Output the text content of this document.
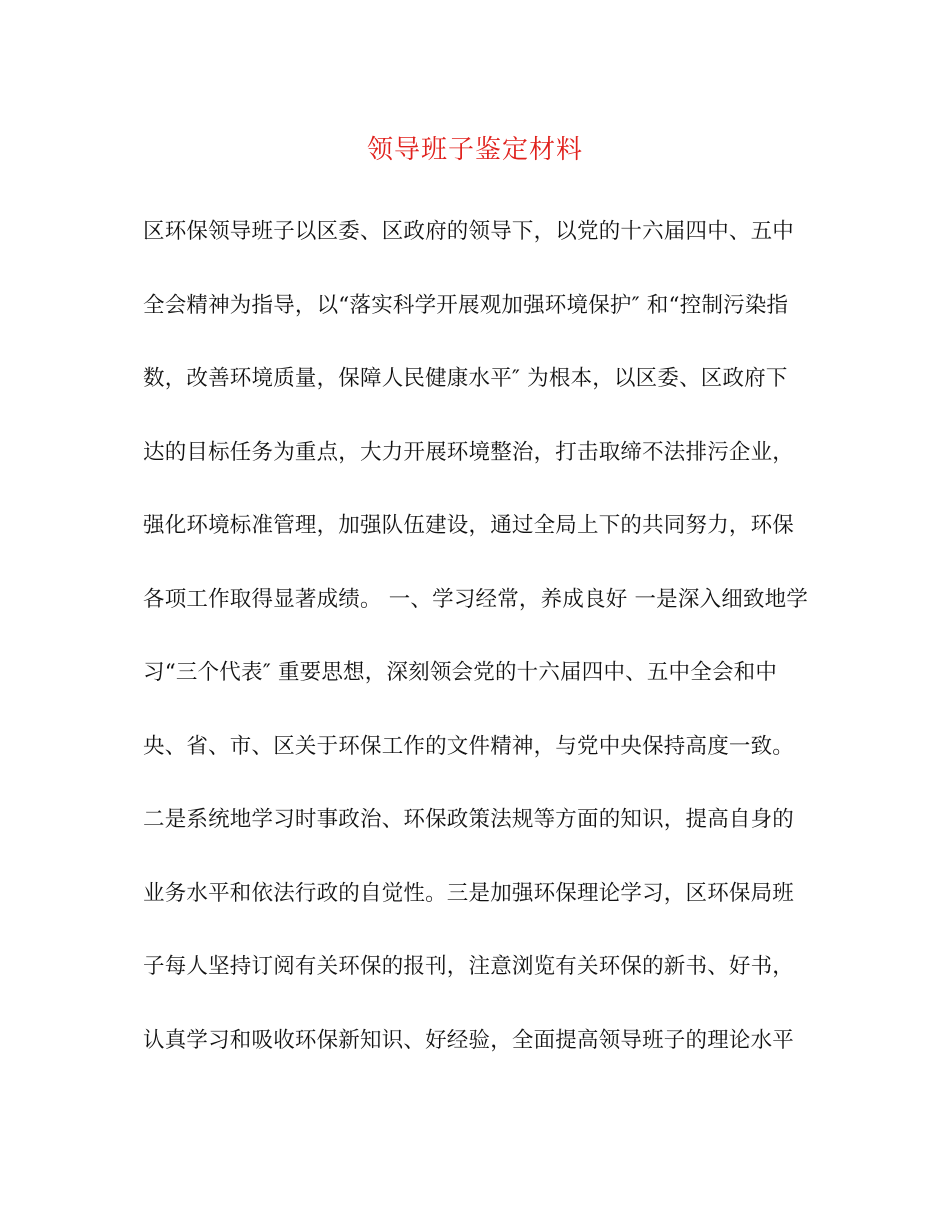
领导班子鉴定材料
区环保领导班子以区委、区政府的领导下，以党的十六届四中、五中
全会精神为指导，以“落实科学开展观加强环境保护″ 和“控制污染指
数，改善环境质量，保障人民健康水平″ 为根本，以区委、区政府下
达的目标任务为重点，大力开展环境整治，打击取缔不法排污企业，
强化环境标准管理，加强队伍建设，通过全局上下的共同努力，环保
各项工作取得显著成绩。 一、学习经常，养成良好 一是深入细致地学
习“三个代表″ 重要思想，深刻领会党的十六届四中、五中全会和中
央、省、市、区关于环保工作的文件精神，与党中央保持高度一致。
二是系统地学习时事政治、环保政策法规等方面的知识，提高自身的
业务水平和依法行政的自觉性。三是加强环保理论学习，区环保局班
子每人坚持订阅有关环保的报刊，注意浏览有关环保的新书、好书，
认真学习和吸收环保新知识、好经验，全面提高领导班子的理论水平
